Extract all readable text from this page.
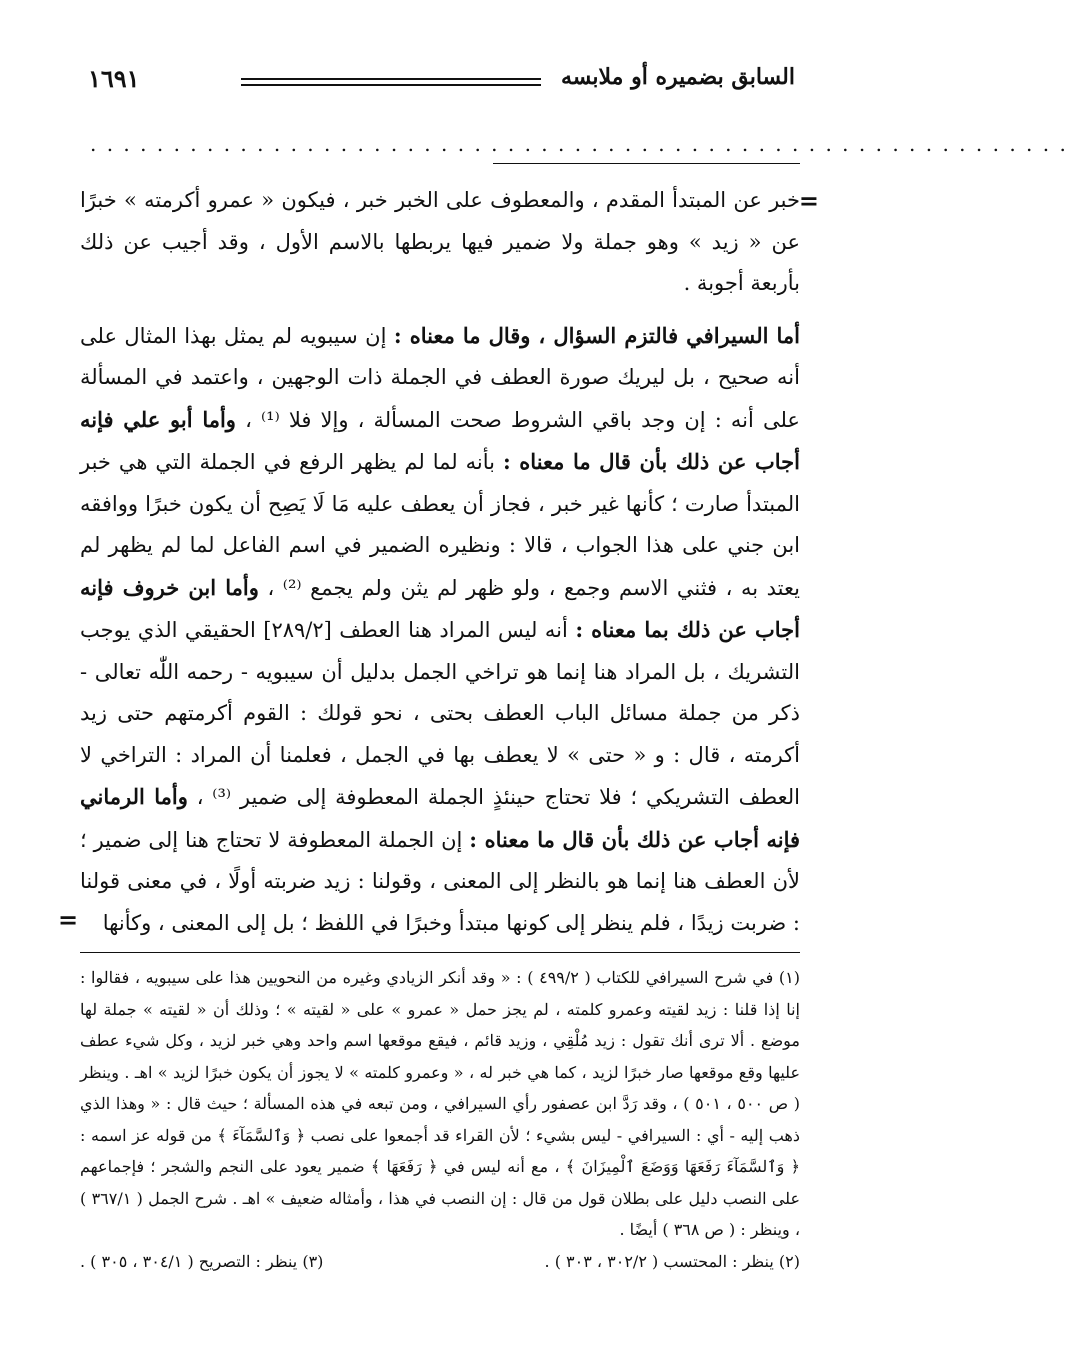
السابق بضميره أو ملابسه
١٦٩١
. . . . . . . . . . . . . . . . . . . . . . . . . . . . . . . . . . . . . . . . . . . . . . . . . . . . . . . . . . .
=

خبر عن المبتدأ المقدم ، والمعطوف على الخبر خبر ، فيكون « عمرو أكرمته » خبرًا عن « زيد » وهو جملة ولا ضمير فيها يربطها بالاسم الأول ، وقد أجيب عن ذلك بأربعة أجوبة .

أما السيرافي فالتزم السؤال ، وقال ما معناه : إن سيبويه لم يمثل بهذا المثال على أنه صحيح ، بل ليريك صورة العطف في الجملة ذات الوجهين ، واعتمد في المسألة على أنه : إن وجد باقي الشروط صحت المسألة ، وإلا فلا ⁽¹⁾ ، وأما أبو علي فإنه أجاب عن ذلك بأن قال ما معناه : بأنه لما لم يظهر الرفع في الجملة التي هي خبر المبتدأ صارت ؛ كأنها غير خبر ، فجاز أن يعطف عليه مَا لَا يَصِح أن يكون خبرًا ووافقه ابن جني على هذا الجواب ، قالا : ونظيره الضمير في اسم الفاعل لما لم يظهر لم يعتد به ، فثني الاسم وجمع ، ولو ظهر لم يثن ولم يجمع ⁽²⁾ ، وأما ابن خروف فإنه أجاب عن ذلك بما معناه : أنه ليس المراد هنا العطف [٢٨٩/٢] الحقيقي الذي يوجب التشريك ، بل المراد هنا إنما هو تراخي الجمل بدليل أن سيبويه - رحمه اللّٰه تعالى - ذكر من جملة مسائل الباب العطف بحتى ، نحو قولك : القوم أكرمتهم حتى زيد أكرمته ، قال : و « حتى » لا يعطف بها في الجمل ، فعلمنا أن المراد : التراخي لا العطف التشريكي ؛ فلا تحتاج حينئذٍ الجملة المعطوفة إلى ضمير ⁽³⁾ ، وأما الرماني فإنه أجاب عن ذلك بأن قال ما معناه : إن الجملة المعطوفة لا تحتاج هنا إلى ضمير ؛ لأن العطف هنا إنما هو بالنظر إلى المعنى ، وقولنا : زيد ضربته أولًا ، في معنى قولنا : ضربت زيدًا ، فلم ينظر إلى كونها مبتدأ وخبرًا في اللفظ ؛ بل إلى المعنى ، وكأنها

=

(١) في شرح السيرافي للكتاب ( ٤٩٩/٢ ) : « وقد أنكر الزيادي وغيره من النحويين هذا على سيبويه ، فقالوا : إنا إذا قلنا : زيد لقيته وعمرو كلمته ، لم يجز حمل « عمرو » على « لقيته » ؛ وذلك أن « لقيته » جملة لها موضع . ألا ترى أنك تقول : زيد مُلْقِي ، وزيد قائم ، فيقع موقعها اسم واحد وهي خبر لزيد ، وكل شيء عطف عليها وقع موقعها صار خبرًا لزيد ، كما هي خبر له ، « وعمرو كلمته » لا يجوز أن يكون خبرًا لزيد » اهـ . وينظر ( ص ٥٠٠ ، ٥٠١ ) ، وقد رَدَّ ابن عصفور رأي السيرافي ، ومن تبعه في هذه المسألة ؛ حيث قال : « وهذا الذي ذهب إليه - أي : السيرافي - ليس بشيء ؛ لأن القراء قد أجمعوا على نصب ﴿ وَٱلسَّمَآءَ ﴾ من قوله عز اسمه : ﴿ وَٱلسَّمَآءَ رَفَعَهَا وَوَضَعَ ٱلْمِيزَانَ ﴾ ، مع أنه ليس في ﴿ رَفَعَهَا ﴾ ضمير يعود على النجم والشجر ؛ فإجماعهم على النصب دليل على بطلان قول من قال : إن النصب في هذا ، وأمثاله ضعيف » اهـ . شرح الجمل ( ٣٦٧/١ ) ، وينظر : ( ص ٣٦٨ ) أيضًا .

(٢) ينظر : المحتسب ( ٣٠٢/٢ ، ٣٠٣ ) .
(٣) ينظر : التصريح ( ٣٠٤/١ ، ٣٠٥ ) .
